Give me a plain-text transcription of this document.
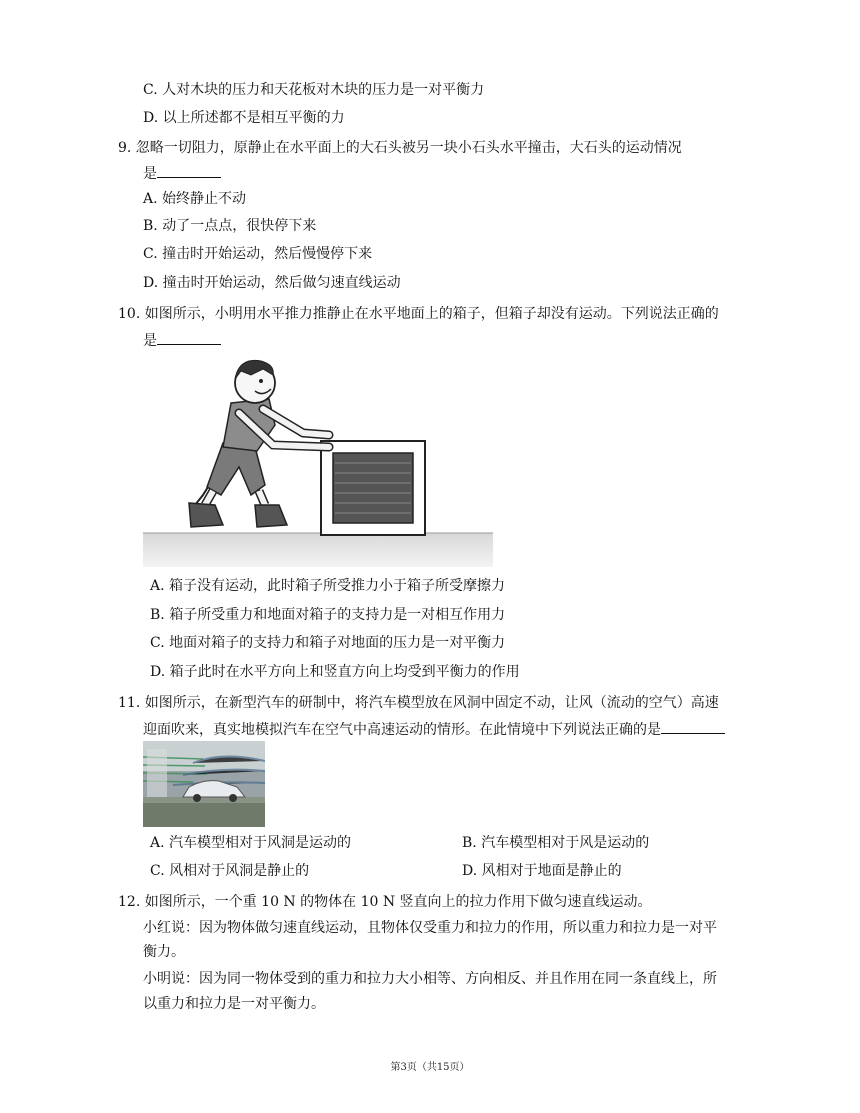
C. 人对木块的压力和天花板对木块的压力是一对平衡力
D. 以上所述都不是相互平衡的力
9. 忽略一切阻力，原静止在水平面上的大石头被另一块小石头水平撞击，大石头的运动情况
是
A. 始终静止不动
B. 动了一点点，很快停下来
C. 撞击时开始运动，然后慢慢停下来
D. 撞击时开始运动，然后做匀速直线运动
10. 如图所示，小明用水平推力推静止在水平地面上的箱子，但箱子却没有运动。下列说法正确的
是
A. 箱子没有运动，此时箱子所受推力小于箱子所受摩擦力
B. 箱子所受重力和地面对箱子的支持力是一对相互作用力
C. 地面对箱子的支持力和箱子对地面的压力是一对平衡力
D. 箱子此时在水平方向上和竖直方向上均受到平衡力的作用
11. 如图所示，在新型汽车的研制中，将汽车模型放在风洞中固定不动，让风（流动的空气）高速
迎面吹来，真实地模拟汽车在空气中高速运动的情形。在此情境中下列说法正确的是
A. 汽车模型相对于风洞是运动的	B. 汽车模型相对于风是运动的
C. 风相对于风洞是静止的	D. 风相对于地面是静止的
12. 如图所示，一个重 10 N 的物体在 10 N 竖直向上的拉力作用下做匀速直线运动。
小红说：因为物体做匀速直线运动，且物体仅受重力和拉力的作用，所以重力和拉力是一对平
衡力。
小明说：因为同一物体受到的重力和拉力大小相等、方向相反、并且作用在同一条直线上，所
以重力和拉力是一对平衡力。
第3页（共15页）
